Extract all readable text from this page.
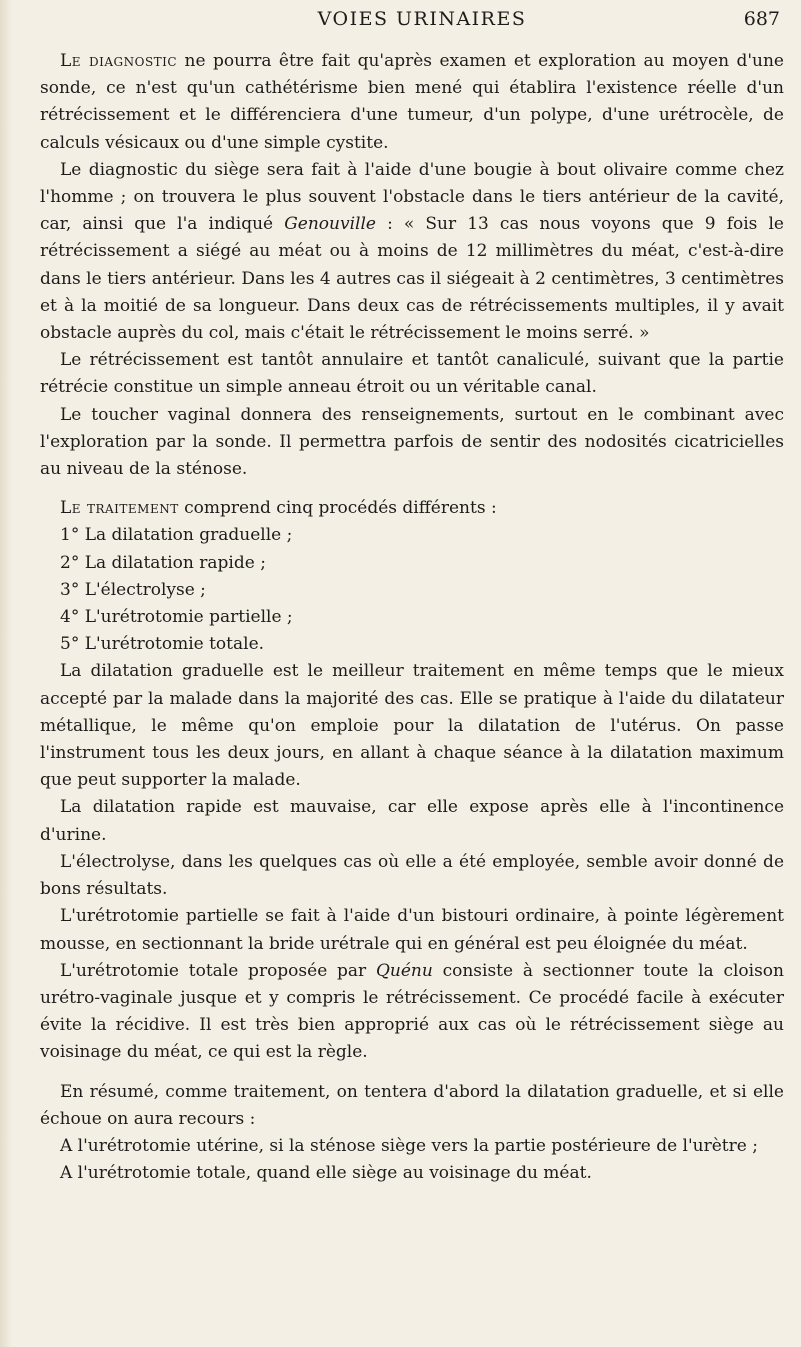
VOIES URINAIRES	687

Le diagnostic ne pourra être fait qu'après examen et exploration au moyen d'une sonde, ce n'est qu'un cathétérisme bien mené qui établira l'existence réelle d'un rétrécissement et le différenciera d'une tumeur, d'un polype, d'une urétrocèle, de calculs vésicaux ou d'une simple cystite.

Le diagnostic du siège sera fait à l'aide d'une bougie à bout olivaire comme chez l'homme ; on trouvera le plus souvent l'obstacle dans le tiers antérieur de la cavité, car, ainsi que l'a indiqué Genouville : « Sur 13 cas nous voyons que 9 fois le rétrécissement a siégé au méat ou à moins de 12 millimètres du méat, c'est-à-dire dans le tiers antérieur. Dans les 4 autres cas il siégeait à 2 centimètres, 3 centimètres et à la moitié de sa longueur. Dans deux cas de rétrécissements multiples, il y avait obstacle auprès du col, mais c'était le rétrécissement le moins serré. »

Le rétrécissement est tantôt annulaire et tantôt canaliculé, suivant que la partie rétrécie constitue un simple anneau étroit ou un véritable canal.

Le toucher vaginal donnera des renseignements, surtout en le combinant avec l'exploration par la sonde. Il permettra parfois de sentir des nodosités cicatricielles au niveau de la sténose.

Le traitement comprend cinq procédés différents :

1° La dilatation graduelle ;
2° La dilatation rapide ;
3° L'électrolyse ;
4° L'urétrotomie partielle ;
5° L'urétrotomie totale.

La dilatation graduelle est le meilleur traitement en même temps que le mieux accepté par la malade dans la majorité des cas. Elle se pratique à l'aide du dilatateur métallique, le même qu'on emploie pour la dilatation de l'utérus. On passe l'instrument tous les deux jours, en allant à chaque séance à la dilatation maximum que peut supporter la malade.

La dilatation rapide est mauvaise, car elle expose après elle à l'incontinence d'urine.

L'électrolyse, dans les quelques cas où elle a été employée, semble avoir donné de bons résultats.

L'urétrotomie partielle se fait à l'aide d'un bistouri ordinaire, à pointe légèrement mousse, en sectionnant la bride urétrale qui en général est peu éloignée du méat.

L'urétrotomie totale proposée par Quénu consiste à sectionner toute la cloison urétro-vaginale jusque et y compris le rétrécissement. Ce procédé facile à exécuter évite la récidive. Il est très bien approprié aux cas où le rétrécissement siège au voisinage du méat, ce qui est la règle.

En résumé, comme traitement, on tentera d'abord la dilatation graduelle, et si elle échoue on aura recours :

A l'urétrotomie utérine, si la sténose siège vers la partie postérieure de l'urètre ;

A l'urétrotomie totale, quand elle siège au voisinage du méat.
